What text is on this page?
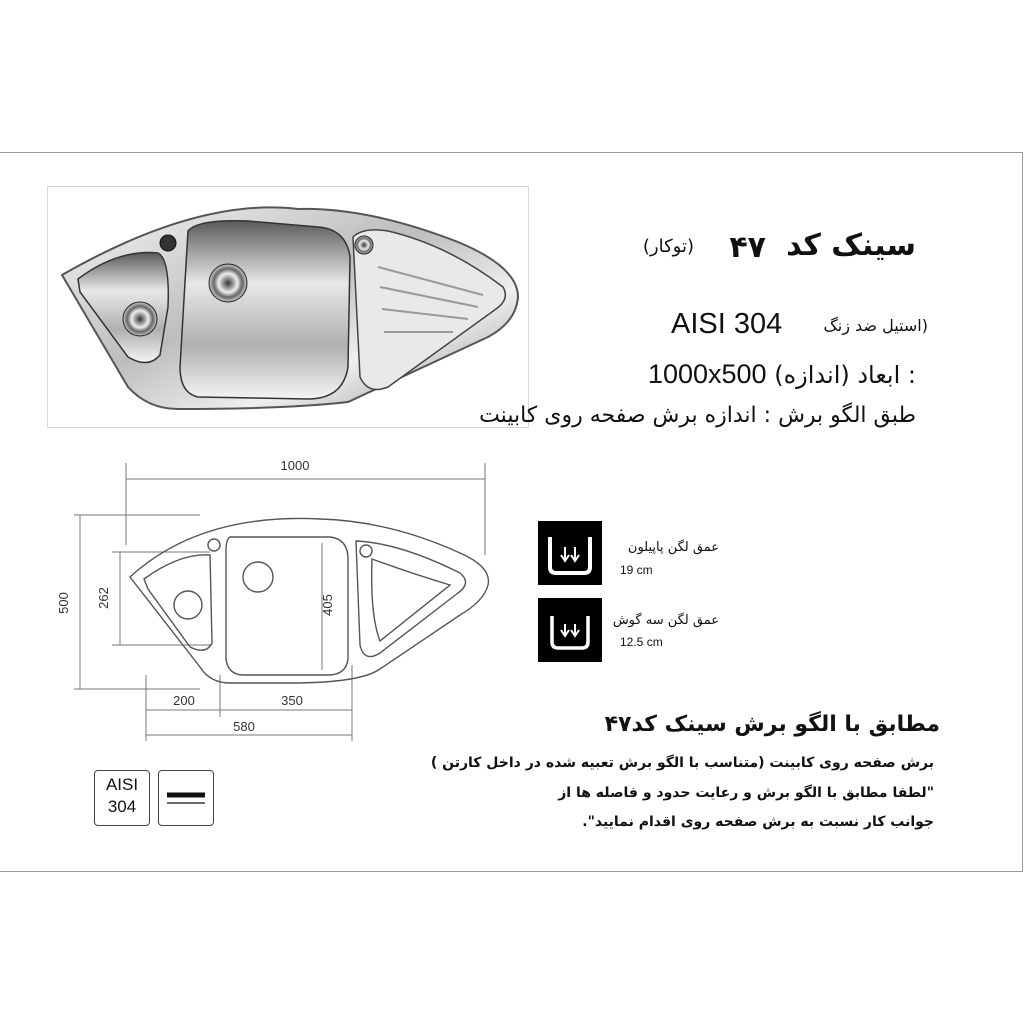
سینک کد
۴۷
(توکار)
AISI 304	(استیل ضد زنگ
: ابعاد (اندازه) 1000x500
طبق الگو برش : اندازه برش صفحه روی کابینت
1000
500 262	405
200	350
580
عمق لگن پاپیلون
19 cm
عمق لگن سه گوش
12.5 cm
مطابق با الگو برش سینک کد۴۷
برش صفحه روی کابینت (متناسب با الگو برش تعبیه شده در داخل کارتن )
"لطفا مطابق با الگو برش و رعایت حدود و فاصله ها از
جوانب کار نسبت به برش صفحه روی اقدام نمایید".
AISI
304
